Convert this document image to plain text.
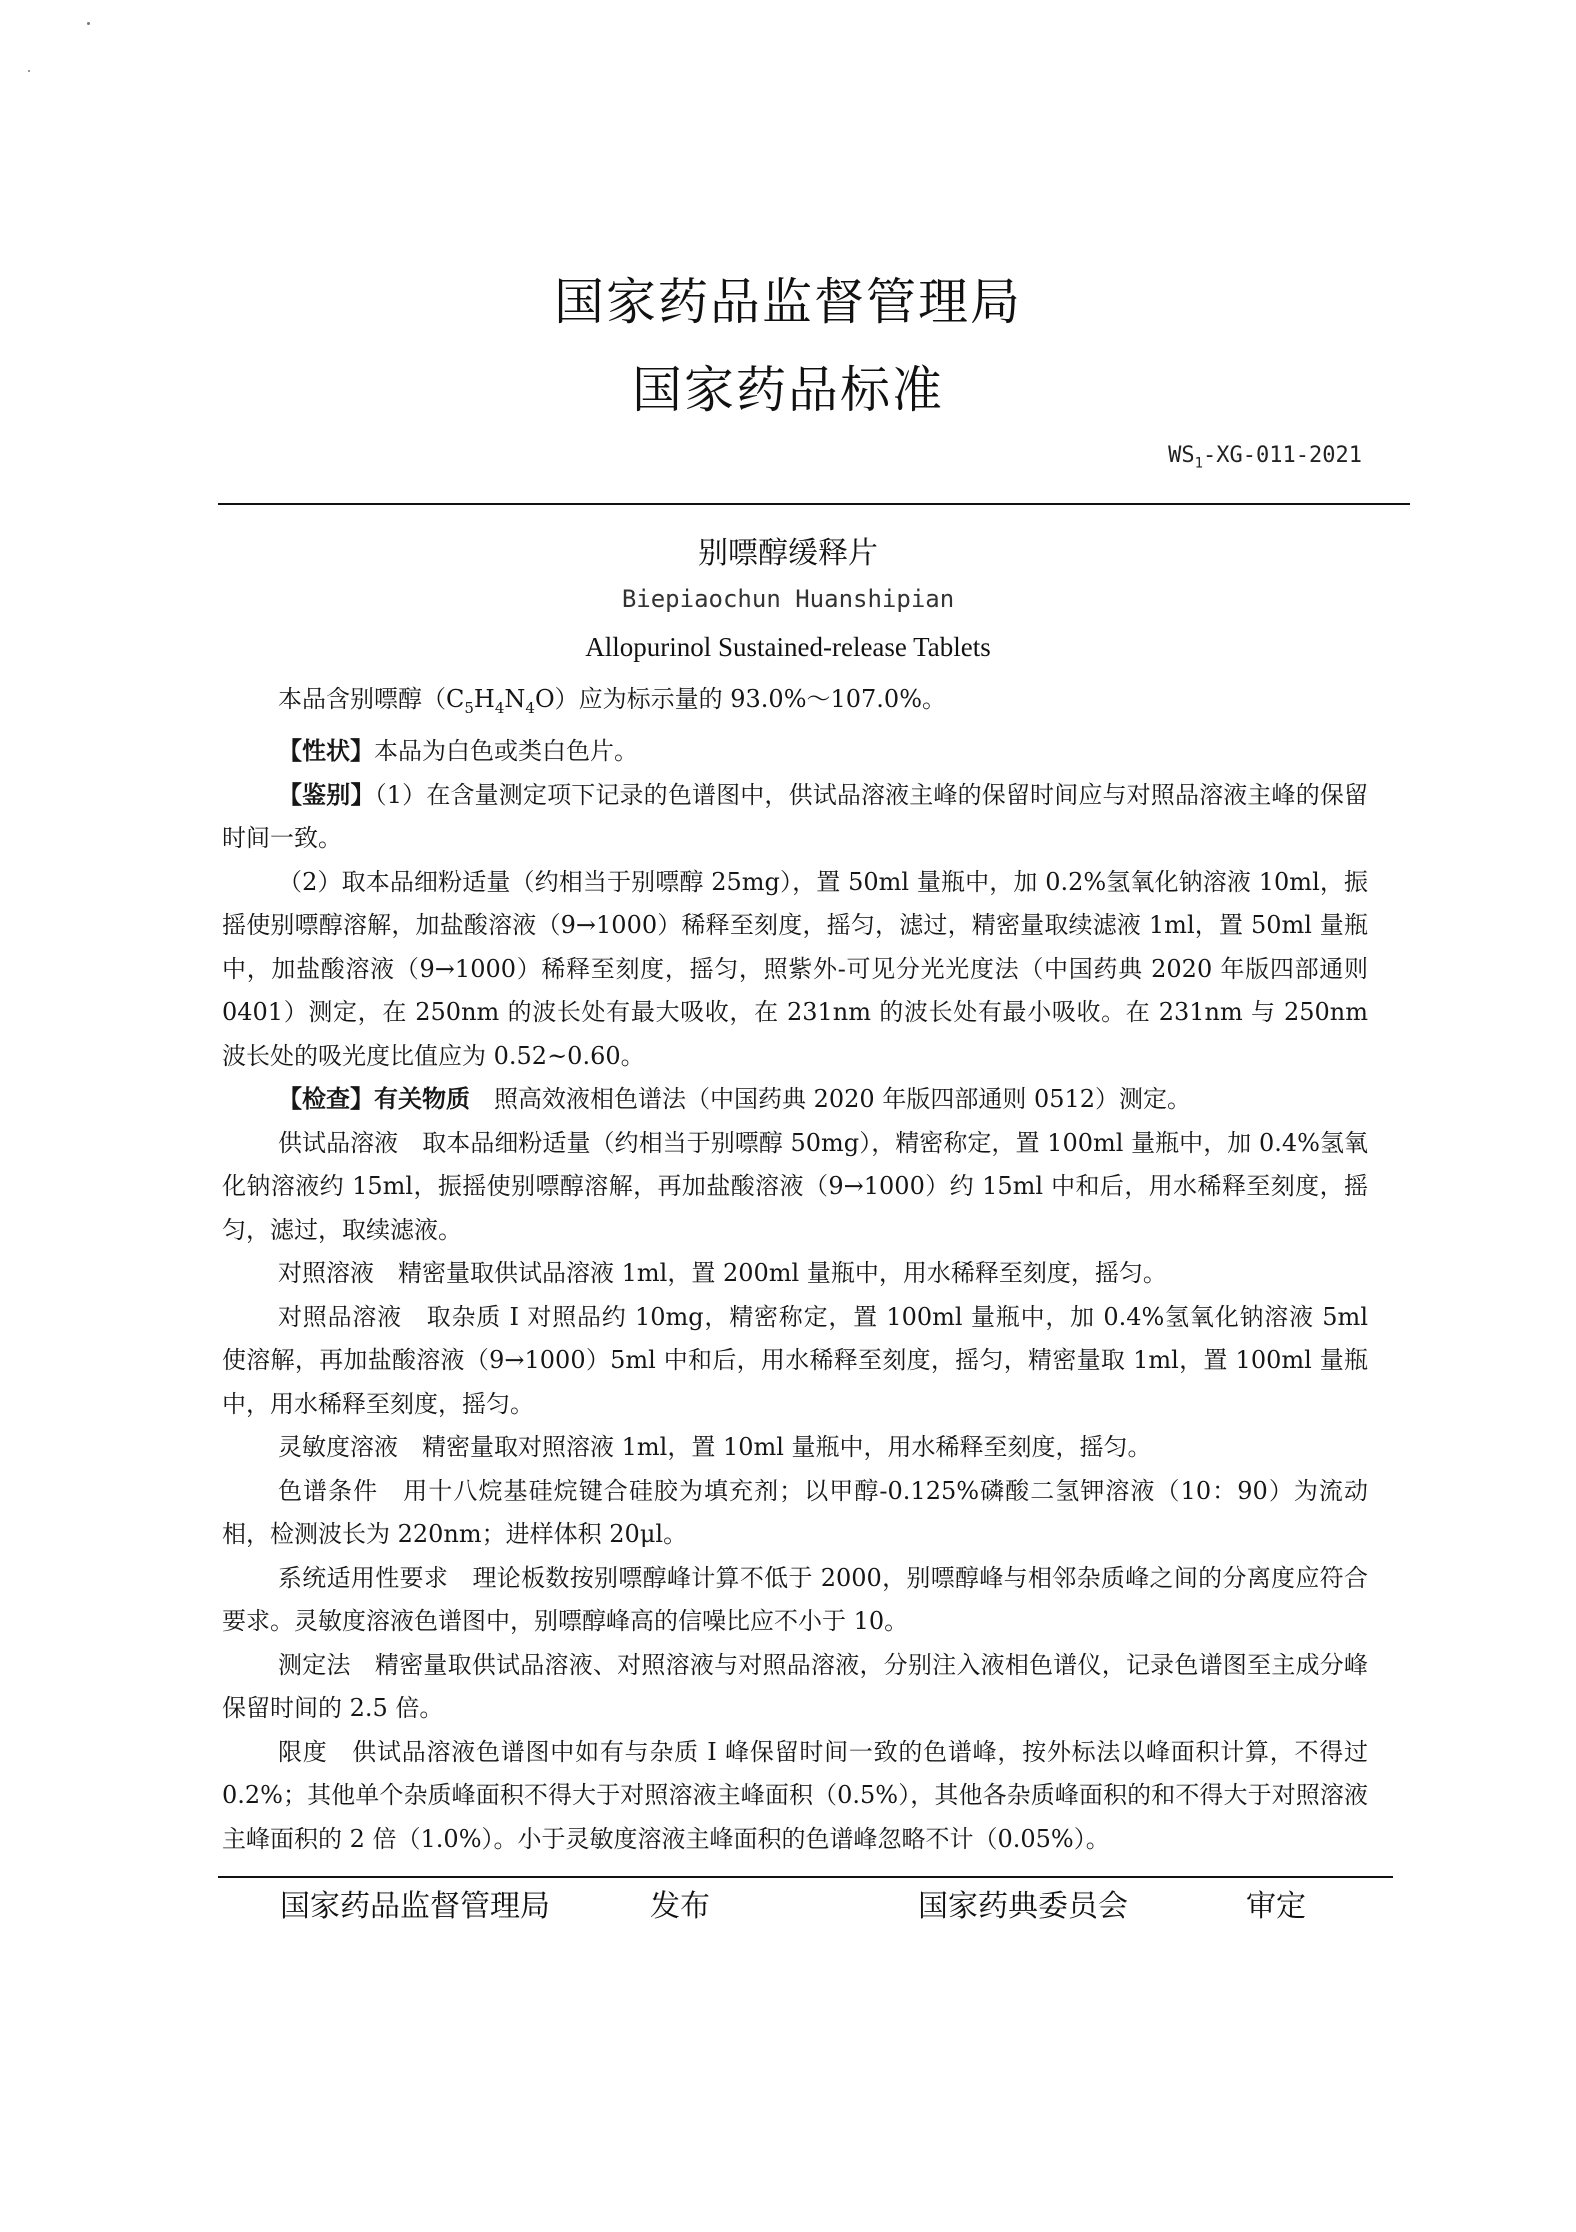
国家药品监督管理局
国家药品标准
$WS_1-XG-011-2021$
别嘌醇缓释片
Biepiaochun Huanshipian
Allopurinol Sustained-release Tablets

本品含别嘌醇$(C_5H_4N_4O)$应为标示量的 93.0%～107.0%。

【性状】本品为白色或类白色片。

【鉴别】（1）在含量测定项下记录的色谱图中，供试品溶液主峰的保留时间应与对照品溶液主峰的保留时间一致。

（2）取本品细粉适量（约相当于别嘌醇 25mg），置 50ml 量瓶中，加 0.2%氢氧化钠溶液 10ml，振摇使别嘌醇溶解，加盐酸溶液（9→1000）稀释至刻度，摇匀，滤过，精密量取续滤液 1ml，置 50ml 量瓶中，加盐酸溶液（9→1000）稀释至刻度，摇匀，照紫外-可见分光光度法（中国药典 2020 年版四部通则 0401）测定，在 250nm 的波长处有最大吸收，在 231nm 的波长处有最小吸收。在 231nm 与 250nm 波长处的吸光度比值应为 0.52~0.60。

【检查】有关物质　 照高效液相色谱法（中国药典 2020 年版四部通则 0512）测定。

供试品溶液　取本品细粉适量（约相当于别嘌醇 50mg），精密称定，置 100ml 量瓶中，加 0.4%氢氧化钠溶液约 15ml，振摇使别嘌醇溶解，再加盐酸溶液（9→1000）约 15ml 中和后，用水稀释至刻度，摇匀，滤过，取续滤液。

对照溶液　精密量取供试品溶液 1ml，置 200ml 量瓶中，用水稀释至刻度，摇匀。

对照品溶液　取杂质 I 对照品约 10mg，精密称定，置 100ml 量瓶中，加 0.4%氢氧化钠溶液 5ml 使溶解，再加盐酸溶液（9→1000）5ml 中和后，用水稀释至刻度，摇匀，精密量取 1ml，置 100ml 量瓶中，用水稀释至刻度，摇匀。

灵敏度溶液　精密量取对照溶液 1ml，置 10ml 量瓶中，用水稀释至刻度，摇匀。

色谱条件　用十八烷基硅烷键合硅胶为填充剂；以甲醇-0.125%磷酸二氢钾溶液（10：90）为流动相，检测波长为 220nm；进样体积 20μl。

系统适用性要求　理论板数按别嘌醇峰计算不低于 2000，别嘌醇峰与相邻杂质峰之间的分离度应符合要求。灵敏度溶液色谱图中，别嘌醇峰高的信噪比应不小于 10。

测定法　精密量取供试品溶液、对照溶液与对照品溶液，分别注入液相色谱仪，记录色谱图至主成分峰保留时间的 2.5 倍。

限度　供试品溶液色谱图中如有与杂质 I 峰保留时间一致的色谱峰，按外标法以峰面积计算，不得过 0.2%；其他单个杂质峰面积不得大于对照溶液主峰面积（0.5%），其他各杂质峰面积的和不得大于对照溶液主峰面积的 2 倍（1.0%）。小于灵敏度溶液主峰面积的色谱峰忽略不计（0.05%）。

国家药品监督管理局	发布	国家药典委员会	审定
